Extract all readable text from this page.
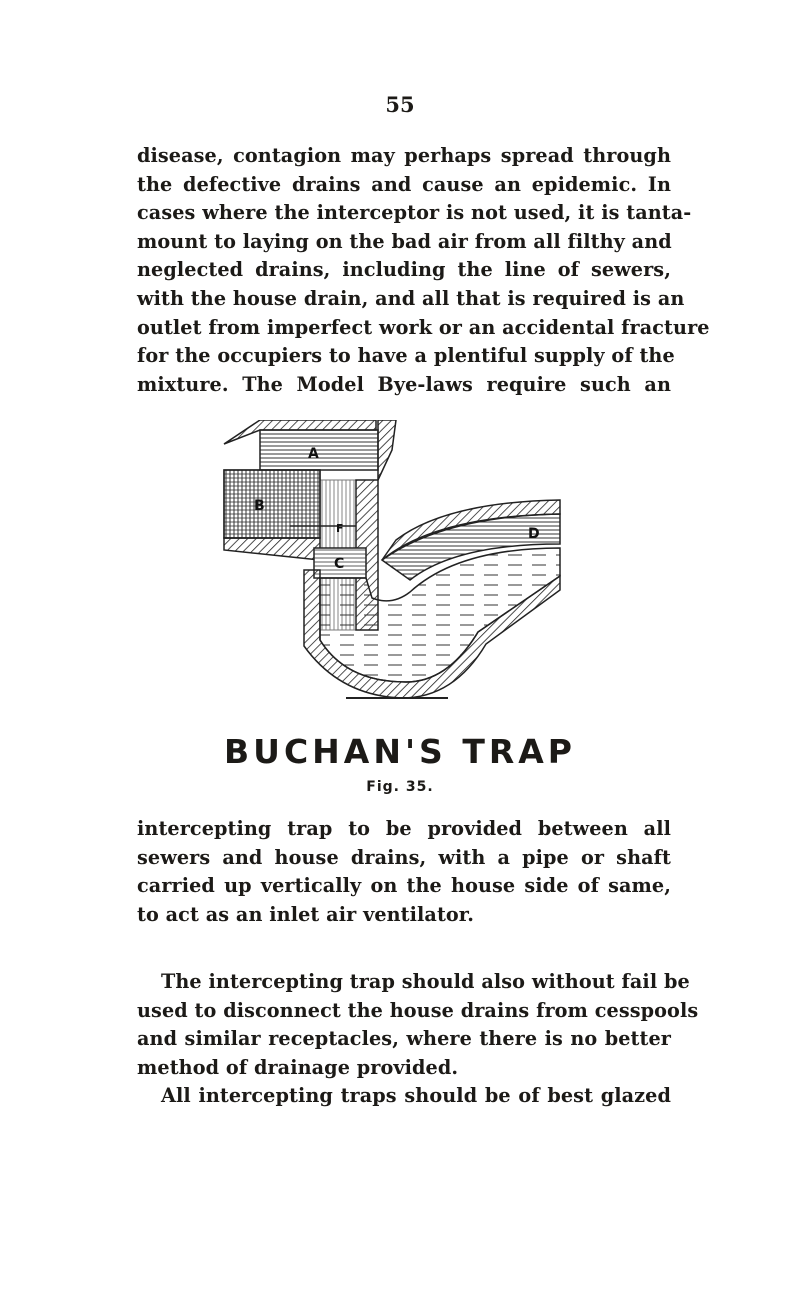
55
disease, contagion may perhaps spread through
the defective drains and cause an epidemic. In
cases where the interceptor is not used, it is tanta-
mount to laying on the bad air from all filthy and
neglected drains, including the line of sewers,
with the house drain, and all that is required is an
outlet from imperfect work or an accidental fracture
for the occupiers to have a plentiful supply of the
mixture. The Model Bye-laws require such an
A
B
C
D
F
BUCHAN'S TRAP
Fig. 35.
intercepting trap to be provided between all
sewers and house drains, with a pipe or shaft
carried up vertically on the house side of same,
to act as an inlet air ventilator.
The intercepting trap should also without fail be
used to disconnect the house drains from cesspools
and similar receptacles, where there is no better
method of drainage provided.
All intercepting traps should be of best glazed
